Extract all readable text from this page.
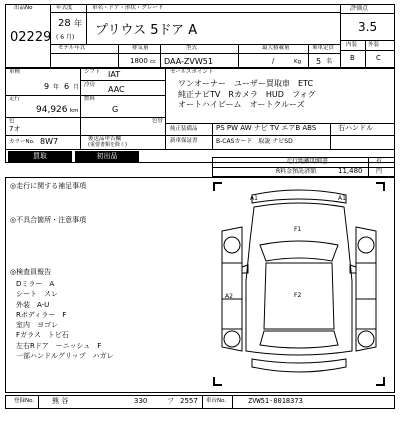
出品No
02229
年式度
28 年
( 6 月)
車名・ドア・形状・グレード
プリウス 5ドア A
評価点
3.5
内装 外装
B	C
モデル年式	排気量	型式	最大積載量	乗車定員
1800 cc DAA-ZVW51	/	Kg 5 名
車検
9 年 6 月
シフト IAT
冷房 AAC
走行
94,926 km
燃料
G
色
7オ
色替
カラーNo. 8W7	後送品申告欄
(重要書類を除く)
買取	初出品
セールスポイント
ワンオーナー　ユーザー買取車　ETC
純正ナビTV　Rカメラ　HUD　フォグ
オートハイビーム　オートクルーズ
純正装備品	PS PW AW ナビ TV エアB ABS	右ハンドル
新車保証書	B-CASカード　取説 ナビSD
走行距離明細書	有
R料金預託済額	11,480 円
◎走行に関する補足事項
◎不具合箇所・注意事項
◎検査員報告
Dミラー　A
シート　スレ
外装　A-U
Rボディラー　F
室内　ヨゴレ
Fガラス　トビ石
左右Rドア　ーニッシュ　F
一部ハンドルグリップ　ハガレ
A1	A1
F1
A2	F2
登録No.	熊 谷	330	フ 2557 車台No.	ZVW51-8018373
